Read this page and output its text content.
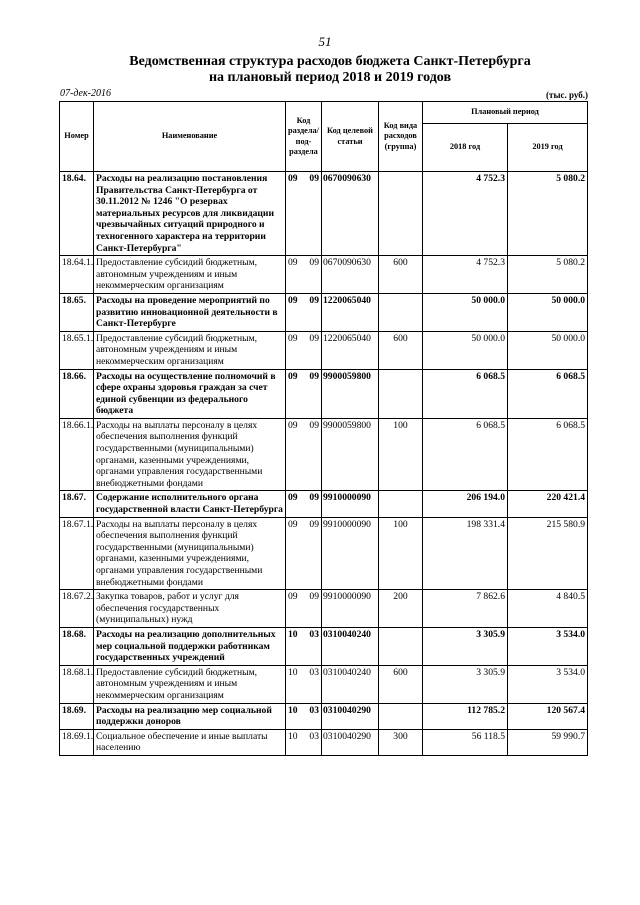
51
Ведомственная структура расходов бюджета Санкт-Петербурга
на плановый период 2018 и 2019 годов
07-дек-2016	(тыс. руб.)
Номер	Наименование	Код раздела/ под- раздела	Код целевой статьи	Код вида расходов (группа)	Плановый период	
					2018 год	2019 год
18.64.	Расходы на реализацию постановления Правительства Санкт-Петербурга от 30.11.2012 № 1246 "О резервах материальных ресурсов для ликвидации чрезвычайных ситуаций природного и техногенного характера на территории Санкт-Петербурга"	09 09	0670090630		4 752.3	5 080.2
18.64.1.	Предоставление субсидий бюджетным, автономным учреждениям и иным некоммерческим организациям	09 09	0670090630	600	4 752.3	5 080.2
18.65.	Расходы на проведение мероприятий по развитию инновационной деятельности в Санкт-Петербурге	09 09	1220065040		50 000.0	50 000.0
18.65.1.	Предоставление субсидий бюджетным, автономным учреждениям и иным некоммерческим организациям	09 09	1220065040	600	50 000.0	50 000.0
18.66.	Расходы на осуществление полномочий в сфере охраны здоровья граждан за счет единой субвенции из федерального бюджета	09 09	9900059800		6 068.5	6 068.5
18.66.1.	Расходы на выплаты персоналу в целях обеспечения выполнения функций государственными (муниципальными) органами, казенными учреждениями, органами управления государственными внебюджетными фондами	09 09	9900059800	100	6 068.5	6 068.5
18.67.	Содержание исполнительного органа государственной власти Санкт-Петербурга	09 09	9910000090		206 194.0	220 421.4
18.67.1.	Расходы на выплаты персоналу в целях обеспечения выполнения функций государственными (муниципальными) органами, казенными учреждениями, органами управления государственными внебюджетными фондами	09 09	9910000090	100	198 331.4	215 580.9
18.67.2.	Закупка товаров, работ и услуг для обеспечения государственных (муниципальных) нужд	09 09	9910000090	200	7 862.6	4 840.5
18.68.	Расходы на реализацию дополнительных мер социальной поддержки работникам государственных учреждений	10 03	0310040240		3 305.9	3 534.0
18.68.1.	Предоставление субсидий бюджетным, автономным учреждениям и иным некоммерческим организациям	10 03	0310040240	600	3 305.9	3 534.0
18.69.	Расходы на реализацию мер социальной поддержки доноров	10 03	0310040290		112 785.2	120 567.4
18.69.1.	Социальное обеспечение и иные выплаты населению	10 03	0310040290	300	56 118.5	59 990.7
